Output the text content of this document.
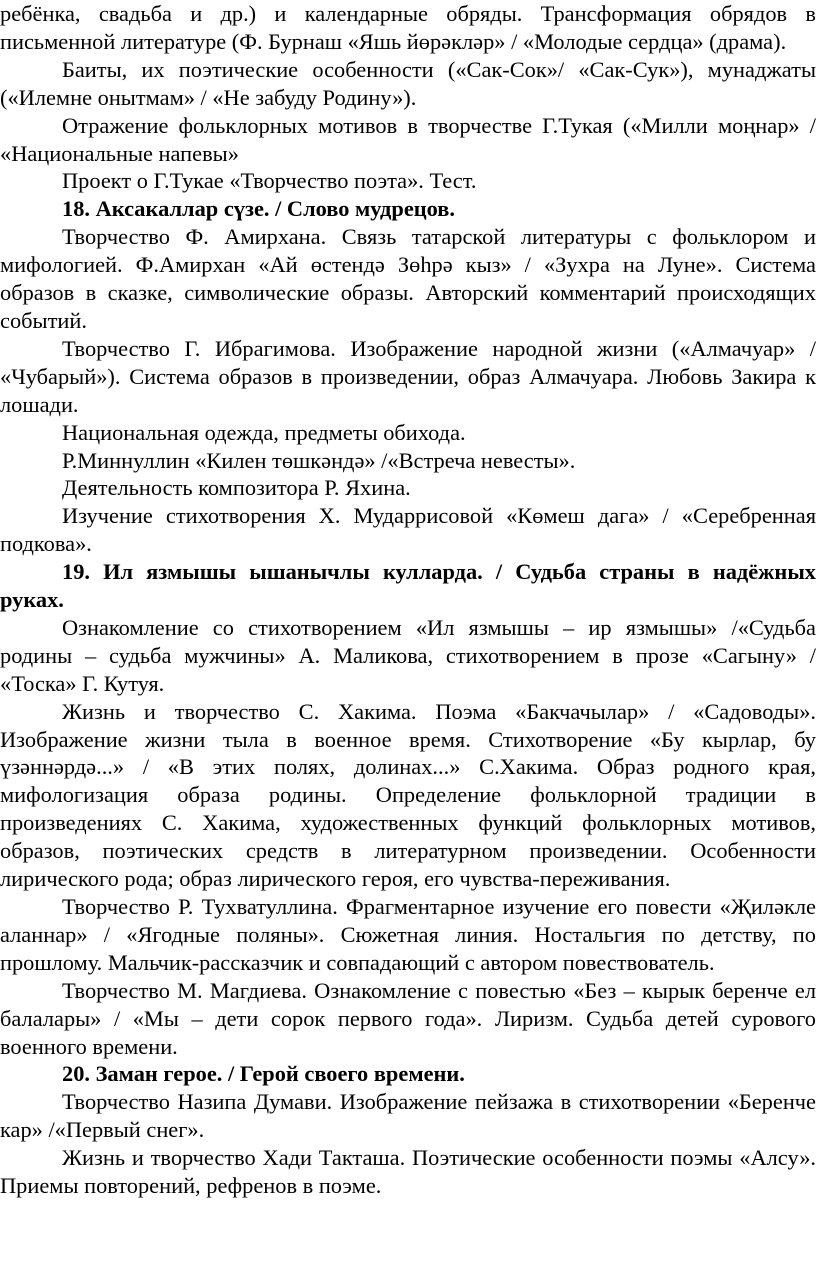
ребёнка, свадьба и др.) и календарные обряды. Трансформация обрядов в письменной литературе (Ф. Бурнаш «Яшь йөрәкләр» / «Молодые сердца» (драма).

Баиты, их поэтические особенности («Сак-Сок»/ «Сак-Сук»), мунаджаты («Илемне онытмам» / «Не забуду Родину»).

Отражение фольклорных мотивов в творчестве Г.Тукая («Милли моңнар» / «Национальные напевы»

Проект о Г.Тукае «Творчество поэта». Тест.

18. Аксакаллар сүзе. / Слово мудрецов.

Творчество Ф. Амирхана. Связь татарской литературы с фольклором и мифологией. Ф.Амирхан «Ай өстендә Зөһрә кыз» / «Зухра на Луне». Система образов в сказке, символические образы. Авторский комментарий происходящих событий.

Творчество Г. Ибрагимова. Изображение народной жизни («Алмачуар» / «Чубарый»). Система образов в произведении, образ Алмачуара. Любовь Закира к лошади.

Национальная одежда, предметы обихода.

Р.Миннуллин «Килен төшкәндә» /«Встреча невесты».

Деятельность композитора Р. Яхина.

Изучение стихотворения Х. Мударрисовой «Көмеш дага» / «Серебренная подкова».

19. Ил язмышы ышанычлы кулларда. / Судьба страны в надёжных руках.

Ознакомление со стихотворением «Ил язмышы – ир язмышы» /«Судьба родины – судьба мужчины» А. Маликова, стихотворением в прозе «Сагыну» / «Тоска» Г. Кутуя.

Жизнь и творчество С. Хакима. Поэма «Бакчачылар» / «Садоводы». Изображение жизни тыла в военное время. Стихотворение «Бу кырлар, бу үзәннәрдә...» / «В этих полях, долинах...» С.Хакима. Образ родного края, мифологизация образа родины. Определение фольклорной традиции в произведениях С. Хакима, художественных функций фольклорных мотивов, образов, поэтических средств в литературном произведении. Особенности лирического рода; образ лирического героя, его чувства-переживания.

Творчество Р. Тухватуллина. Фрагментарное изучение его повести «Җиләкле аланнар» / «Ягодные поляны». Сюжетная линия. Ностальгия по детству, по прошлому. Мальчик-рассказчик и совпадающий с автором повествователь.

Творчество М. Магдиева. Ознакомление с повестью «Без – кырык беренче ел балалары» / «Мы – дети сорок первого года». Лиризм. Судьба детей сурового военного времени.

20. Заман герое. / Герой своего времени.

Творчество Назипа Думави. Изображение пейзажа в стихотворении «Беренче кар» /«Первый снег».

Жизнь и творчество Хади Такташа. Поэтические особенности поэмы «Алсу». Приемы повторений, рефренов в поэме.
